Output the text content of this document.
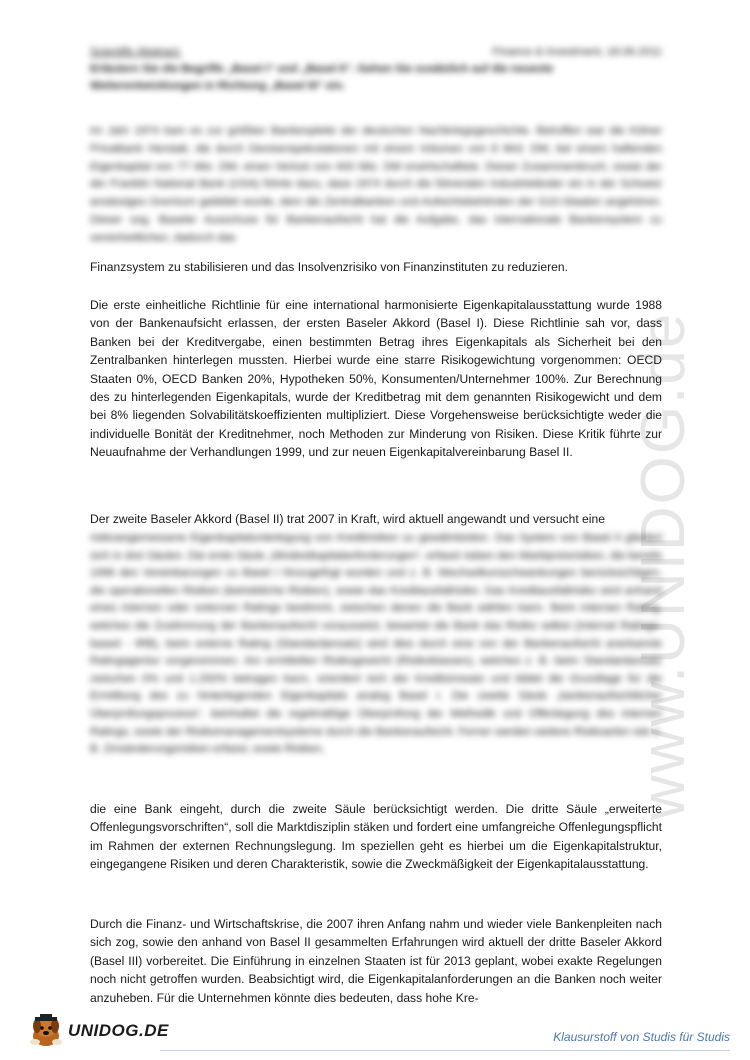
www.UNIDOG.de
Scientific Abstract:	Finance & Investment, 18.06.2011
Erläutern Sie die Begriffe „Basel I“ und „Basel II“. Gehen Sie zusätzlich auf die neueste Weiterentwicklungen in Richtung „Basel III“ ein.

Im Jahr 1974 kam es zur größten Bankenpleite der deutschen Nachkriegsgeschichte. Betroffen war die Kölner Privatbank Herstatt, die durch Devisenspekulationen mit einem Volumen von 8 Mrd. DM, bei einem haftenden Eigenkapital von 77 Mio. DM, einen Verlust von 400 Mio. DM erwirtschaftete. Dieser Zusammenbruch, sowie der der Franklin National Bank (USA) führte dazu, dass 1974 durch die führenden Industrieländer ein in der Schweiz ansässiges Gremium gebildet wurde, dem die Zentralbanken und Aufsichtsbehörden der G10-Staaten angehören. Dieser sog. Baseler Ausschuss für Bankenaufsicht hat die Aufgabe, das internationale Bankensystem zu vereinheitlichen, dadurch das

Finanzsystem zu stabilisieren und das Insolvenzrisiko von Finanzinstituten zu reduzieren.

Die erste einheitliche Richtlinie für eine international harmonisierte Eigenkapitalausstattung wurde 1988 von der Bankenaufsicht erlassen, der ersten Baseler Akkord (Basel I). Diese Richtlinie sah vor, dass Banken bei der Kreditvergabe, einen bestimmten Betrag ihres Eigenkapitals als Sicherheit bei den Zentralbanken hinterlegen mussten. Hierbei wurde eine starre Risikogewichtung vorgenommen: OECD Staaten 0%, OECD Banken 20%, Hypotheken 50%, Konsumenten/Unternehmer 100%. Zur Berechnung des zu hinterlegenden Eigenkapitals, wurde der Kreditbetrag mit dem genannten Risikogewicht und dem bei 8% liegenden Solvabilitätskoeffizienten multipliziert. Diese Vorgehensweise berücksichtigte weder die individuelle Bonität der Kreditnehmer, noch Methoden zur Minderung von Risiken. Diese Kritik führte zur Neuaufnahme der Verhandlungen 1999, und zur neuen Eigenkapitalvereinbarung Basel II.

Der zweite Baseler Akkord (Basel II) trat 2007 in Kraft, wird aktuell angewandt und versucht eine

risikoangemessene Eigenkapitalunterlegung von Kreditrisiken zu gewährleisten. Das System von Basel II gliedert sich in drei Säulen. Die erste Säule „Mindestkapitalanforderungen“, erfasst neben den Marktpreisrisiken, die bereits 1996 den Vereinbarungen zu Basel I hinzugefügt wurden und z. B. Wechselkursschwankungen berücksichtigen, die operationellen Risiken (betriebliche Risiken), sowie das Kreditausfallrisiko. Das Kreditausfallrisiko wird anhand eines internen oder externen Ratings bestimmt, zwischen denen die Bank wählen kann. Beim internen Rating, welches die Zustimmung der Bankenaufsicht voraussetzt, bewertet die Bank das Risiko selbst (Internal Ratings-based - IRB), beim externe Rating (Standardansatz) wird dies durch eine von der Bankenaufsicht anerkannte Ratingagentur vorgenommen. Am ermittelten Risikogewicht (Risikoklassen), welches z. B. beim Standardansatz zwischen 0% und 1.250% betragen kann, orientiert sich der Kreditzinssatz und bildet die Grundlage für die Ermittlung des zu hinterlegenden Eigenkapitals analog Basel I. Die zweite Säule „bankenaufsichtlicher Überprüfungsprozess“, beinhaltet die regelmäßige Überprüfung der Methodik und Offenlegung des internen Ratings, sowie der Risikomanagementsysteme durch die Bankenaufsicht. Ferner werden weitere Risikoarten wie z. B. Zinsänderungsrisiken erfasst, sowie Risiken,

die eine Bank eingeht, durch die zweite Säule berücksichtigt werden. Die dritte Säule „erweiterte Offenlegungsvorschriften“, soll die Marktdisziplin stäken und fordert eine umfangreiche Offenlegungspflicht im Rahmen der externen Rechnungslegung. Im speziellen geht es hierbei um die Eigenkapitalstruktur, eingegangene Risiken und deren Charakteristik, sowie die Zweckmäßigkeit der Eigenkapitalausstattung.

Durch die Finanz- und Wirtschaftskrise, die 2007 ihren Anfang nahm und wieder viele Bankenpleiten nach sich zog, sowie den anhand von Basel II gesammelten Erfahrungen wird aktuell der dritte Baseler Akkord (Basel III) vorbereitet. Die Einführung in einzelnen Staaten ist für 2013 geplant, wobei exakte Regelungen noch nicht getroffen wurden. Beabsichtigt wird, die Eigenkapitalanforderungen an die Banken noch weiter anzuheben. Für die Unternehmen könnte dies bedeuten, dass hohe Kre-

UNIDOG.DE	Klausurstoff von Studis für Studis
